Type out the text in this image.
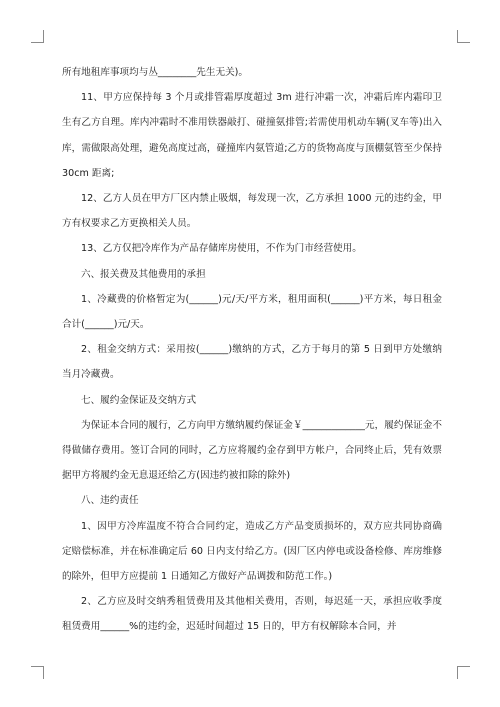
所有地租库事项均与丛________先生无关)。

11、甲方应保持每 3 个月或排管霜厚度超过 3m 进行冲霜一次，冲霜后库内霜印卫生有乙方自理。库内冲霜时不准用铁器敲打、碰撞氨排管;若需使用机动车辆(叉车等)出入库，需做限高处理，避免高度过高，碰撞库内氨管道;乙方的货物高度与顶棚氨管至少保持 30cm 距离;

12、乙方人员在甲方厂区内禁止吸烟，每发现一次，乙方承担 1000 元的违约金，甲方有权要求乙方更换相关人员。

13、乙方仅把冷库作为产品存储库房使用，不作为门市经营使用。

六、报关费及其他费用的承担

1、冷藏费的价格暂定为(______)元/天/平方米，租用面积(______)平方米，每日租金合计(______)元/天。

2、租金交纳方式：采用按(______)缴纳的方式，乙方于每月的第 5 日到甲方处缴纳当月冷藏费。

七、履约金保证及交纳方式

为保证本合同的履行，乙方向甲方缴纳履约保证金￥_____________元，履约保证金不得做储存费用。签订合同的同时，乙方应将履约金存到甲方帐户，合同终止后，凭有效票据甲方将履约金无息退还给乙方(因违约被扣除的除外)

八、违约责任

1、因甲方冷库温度不符合合同约定，造成乙方产品变质损坏的，双方应共同协商确定赔偿标准，并在标准确定后 60 日内支付给乙方。(因厂区内停电或设备检修、库房维修的除外，但甲方应提前 1 日通知乙方做好产品调拨和防范工作。)

2、乙方应及时交纳秀租赁费用及其他相关费用，否则，每迟延一天，承担应收季度租赁费用______%的违约金，迟延时间超过 15 日的，甲方有权解除本合同，并
